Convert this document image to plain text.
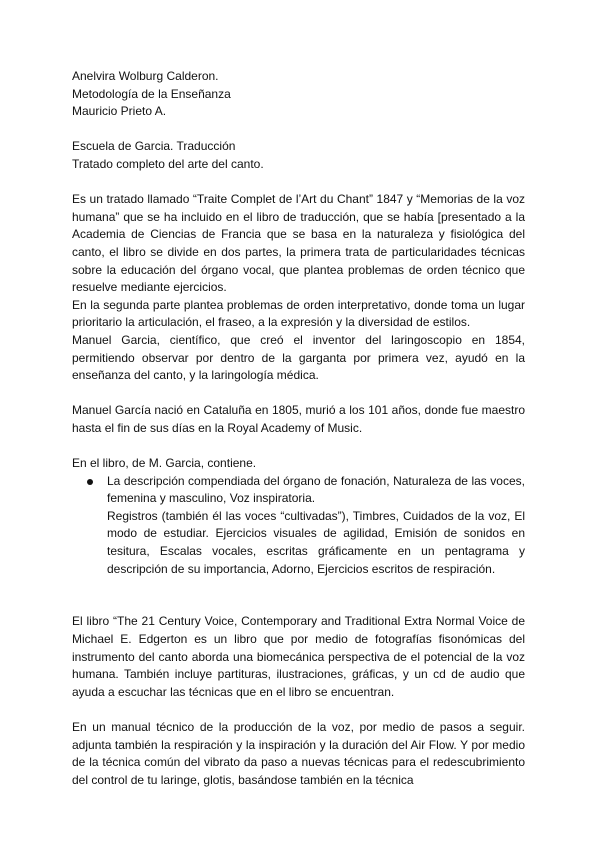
Anelvira Wolburg Calderon.

Metodología de la Enseñanza

Mauricio Prieto A.

Escuela de Garcia. Traducción

Tratado completo del arte del canto.

Es un tratado llamado “Traite Complet de l’Art du Chant” 1847 y “Memorias de la voz humana” que se ha incluido en el libro de traducción, que se había [presentado a la Academia de Ciencias de Francia que se basa en la naturaleza y fisiológica del canto, el libro se divide en dos partes, la primera trata de particularidades técnicas sobre la educación del órgano vocal, que plantea problemas de orden técnico que resuelve mediante ejercicios.

En la segunda parte plantea problemas de orden interpretativo, donde toma un lugar prioritario la articulación, el fraseo, a la expresión y la diversidad de estilos.

Manuel Garcia, científico, que creó el inventor del laringoscopio en 1854, permitiendo observar por dentro de la garganta por primera vez, ayudó en la enseñanza del canto, y la laringología médica.

Manuel García nació en Cataluña en 1805, murió a los 101 años, donde fue maestro hasta el fin de sus días en la Royal Academy of Music.

En el libro, de M. Garcia, contiene.

La descripción compendiada del órgano de fonación, Naturaleza de las voces, femenina y masculino, Voz inspiratoria.
Registros (también él las voces “cultivadas”), Timbres, Cuidados de la voz, El modo de estudiar. Ejercicios visuales de agilidad, Emisión de sonidos en tesitura, Escalas vocales, escritas gráficamente en un pentagrama y descripción de su importancia, Adorno, Ejercicios escritos de respiración.

El libro “The 21 Century Voice, Contemporary and Traditional Extra Normal Voice de Michael E. Edgerton es un libro que por medio de fotografías fisonómicas del instrumento del canto aborda una biomecánica perspectiva de el potencial de la voz humana. También incluye partituras, ilustraciones, gráficas, y un cd de audio que ayuda a escuchar las técnicas que en el libro se encuentran.

En un manual técnico de la producción de la voz, por medio de pasos a seguir. adjunta también la respiración y la inspiración y la duración del Air Flow. Y por medio de la técnica común del vibrato da paso a nuevas técnicas para el redescubrimiento del control de tu laringe, glotis, basándose también en la técnica
